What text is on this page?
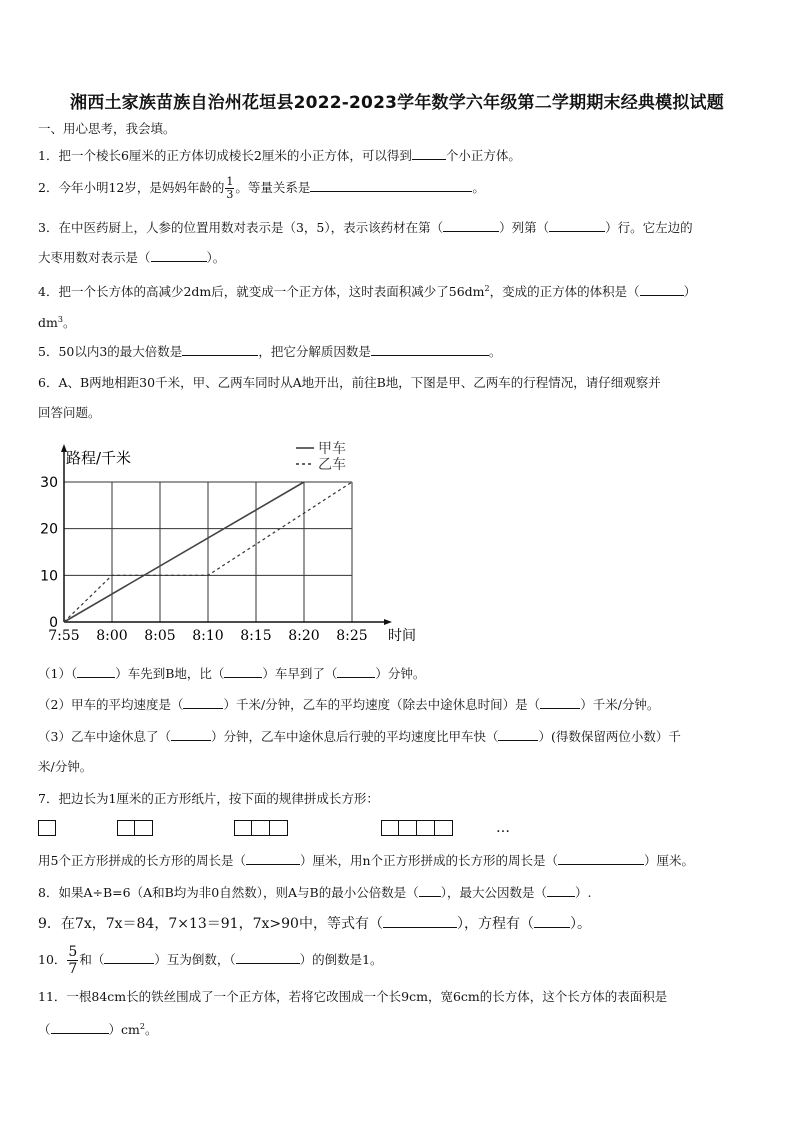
湘西土家族苗族自治州花垣县2022-2023学年数学六年级第二学期期末经典模拟试题
一、用心思考，我会填。
1．把一个棱长6厘米的正方体切成棱长2厘米的小正方体，可以得到	个小正方体。
2．今年小明12岁，是妈妈年龄的 $\frac{1}{3}$ 。等量关系是	。
3．在中医药厨上，人参的位置用数对表示是（3，5），表示该药材在第（	）列第（	）行。它左边的
大枣用数对表示是（	）。
4．把一个长方体的高减少2dm后，就变成一个正方体，这时表面积减少了$56dm^2$，变成的正方体的体积是（	）
$dm^3$。
5．50以内3的最大倍数是	，把它分解质因数是	。
6．A、B两地相距30千米，甲、乙两车同时从A地开出，前往B地，下图是甲、乙两车的行程情况，请仔细观察并
回答问题。
0
10
20
30
7:55 8:00 8:05 8:10 8:15 8:20 8:25
路程/千米
时间
甲车
乙车
（1）（	）车先到B地，比（	）车早到了（	）分钟。
（2）甲车的平均速度是（	）千米/分钟，乙车的平均速度（除去中途休息时间）是（	）千米/分钟。
（3）乙车中途休息了（	）分钟，乙车中途休息后行驶的平均速度比甲车快（	）(得数保留两位小数）千
米/分钟。
7．把边长为1厘米的正方形纸片，按下面的规律拼成长方形：
…
用5个正方形拼成的长方形的周长是（	）厘米，用n个正方形拼成的长方形的周长是（	）厘米。
8．如果A÷B=6（A和B均为非0自然数），则A与B的最小公倍数是（ ），最大公因数是（ ）.
9．在7x，7x＝84，7×13＝91，7x>90中，等式有（	），方程有（	）。
10． $\frac{5}{7}$ 和（	）互为倒数，（	）的倒数是1。
11．一根84cm长的铁丝围成了一个正方体，若将它改围成一个长9cm，宽6cm的长方体，这个长方体的表面积是
（	）$cm^2$。
